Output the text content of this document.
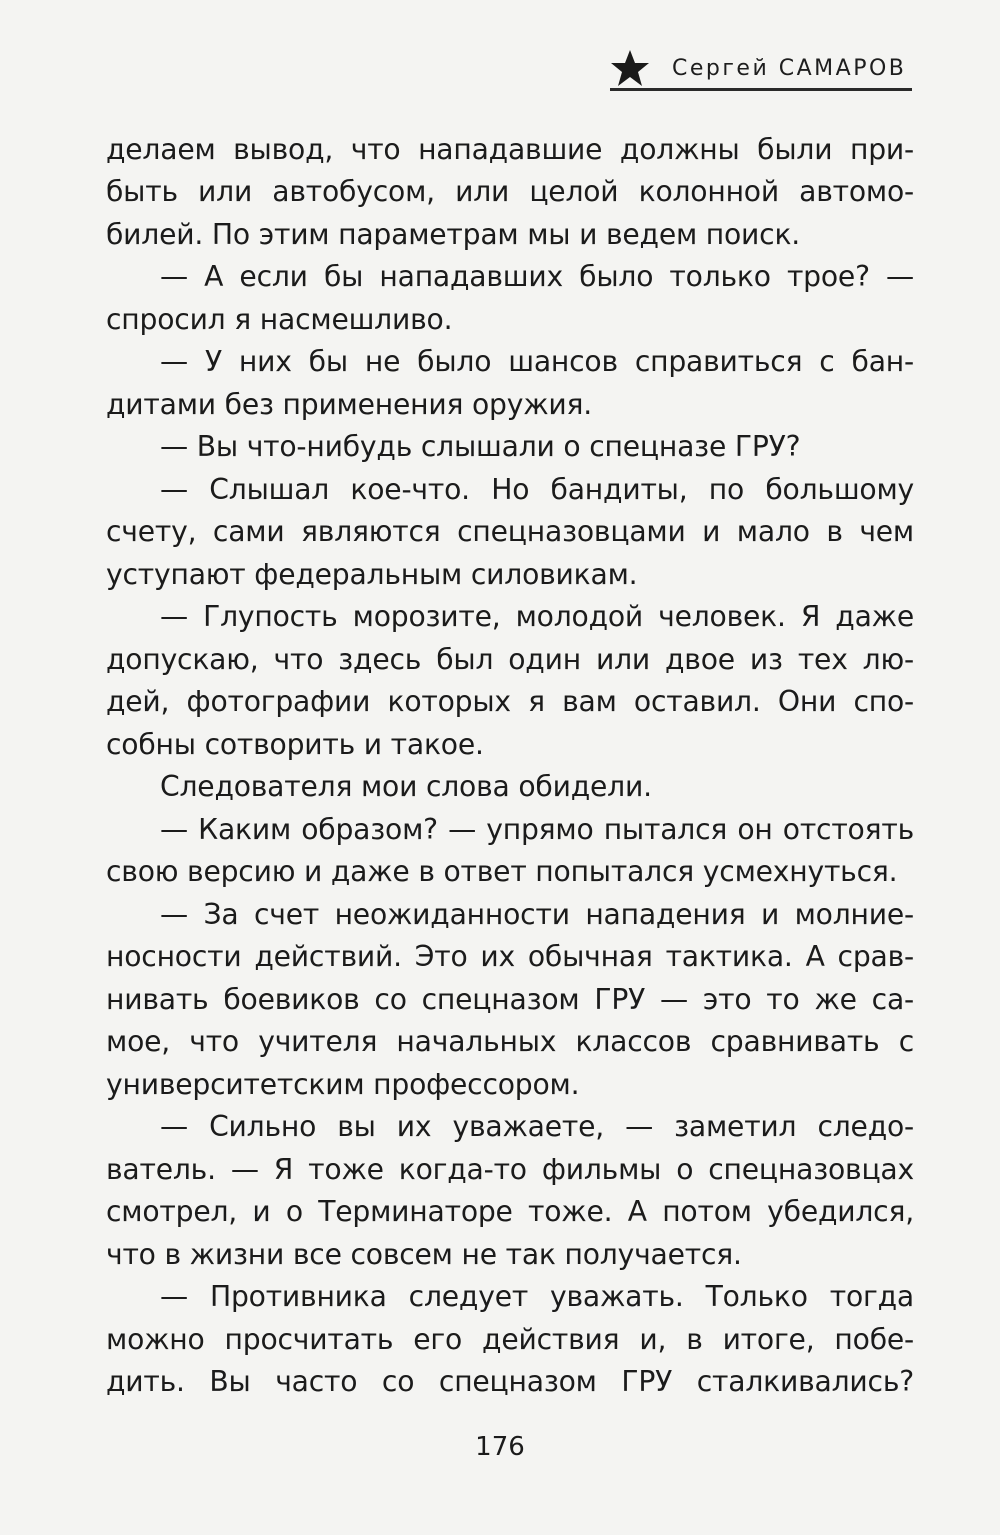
Сергей САМАРОВ
делаем вывод, что нападавшие должны были при-
быть или автобусом, или целой колонной автомо-
билей. По этим параметрам мы и ведем поиск.
— А если бы нападавших было только трое? —
спросил я насмешливо.
— У них бы не было шансов справиться с бан-
дитами без применения оружия.
— Вы что-нибудь слышали о спецназе ГРУ?
— Слышал кое-что. Но бандиты, по большому
счету, сами являются спецназовцами и мало в чем
уступают федеральным силовикам.
— Глупость морозите, молодой человек. Я даже
допускаю, что здесь был один или двое из тех лю-
дей, фотографии которых я вам оставил. Они спо-
собны сотворить и такое.
Следователя мои слова обидели.
— Каким образом? — упрямо пытался он отстоять
свою версию и даже в ответ попытался усмехнуться.
— За счет неожиданности нападения и молние-
носности действий. Это их обычная тактика. А срав-
нивать боевиков со спецназом ГРУ — это то же са-
мое, что учителя начальных классов сравнивать с
университетским профессором.
— Сильно вы их уважаете, — заметил следо-
ватель. — Я тоже когда-то фильмы о спецназовцах
смотрел, и о Терминаторе тоже. А потом убедился,
что в жизни все совсем не так получается.
— Противника следует уважать. Только тогда
можно просчитать его действия и, в итоге, побе-
дить. Вы часто со спецназом ГРУ сталкивались?
176
